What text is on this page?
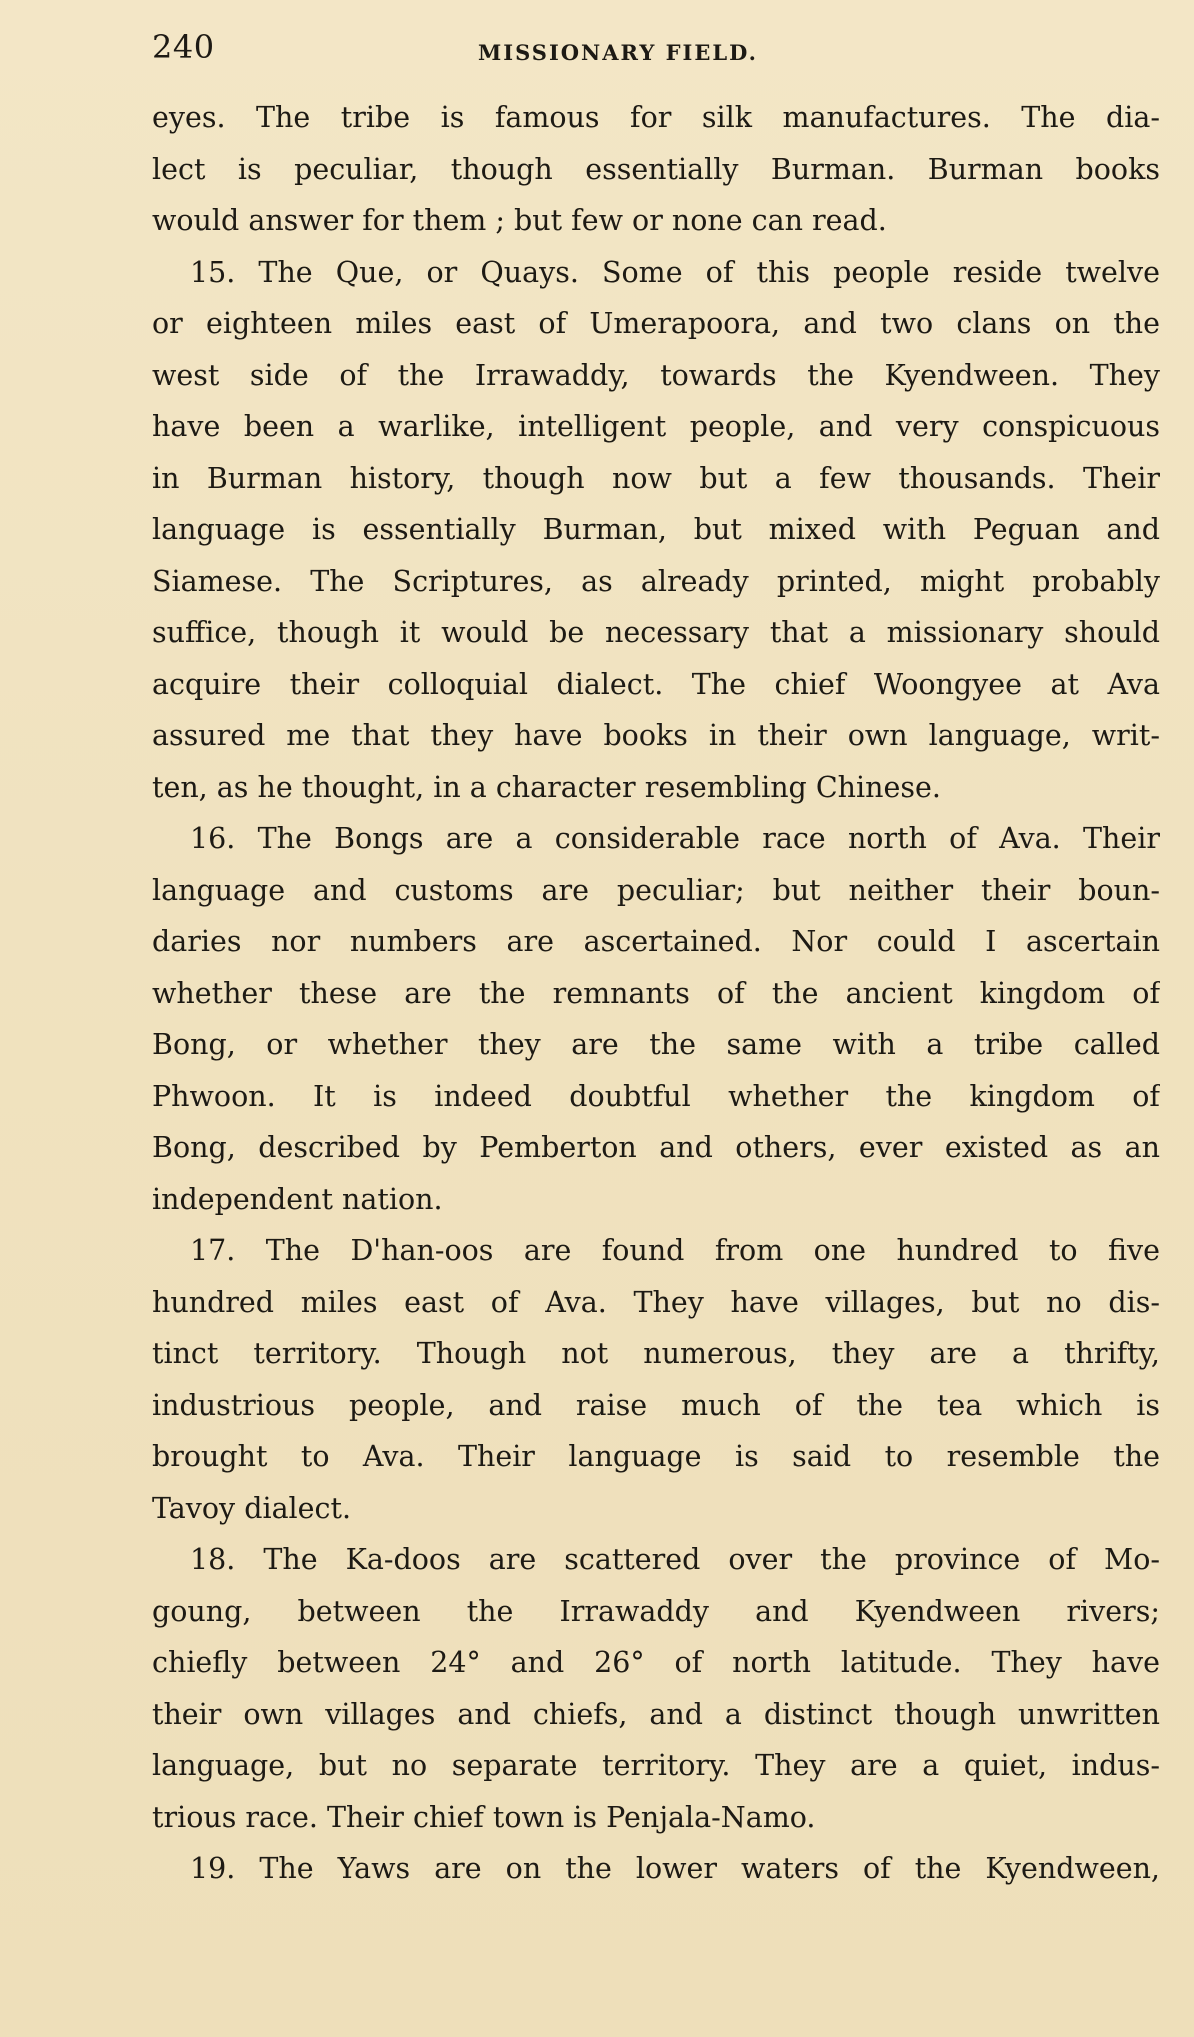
240	MISSIONARY FIELD.
eyes. The tribe is famous for silk manufactures. The dia-
lect is peculiar, though essentially Burman. Burman books
would answer for them ; but few or none can read.
15. The Que, or Quays. Some of this people reside twelve
or eighteen miles east of Umerapoora, and two clans on the
west side of the Irrawaddy, towards the Kyendween. They
have been a warlike, intelligent people, and very conspicuous
in Burman history, though now but a few thousands. Their
language is essentially Burman, but mixed with Peguan and
Siamese. The Scriptures, as already printed, might probably
suffice, though it would be necessary that a missionary should
acquire their colloquial dialect. The chief Woongyee at Ava
assured me that they have books in their own language, writ-
ten, as he thought, in a character resembling Chinese.
16. The Bongs are a considerable race north of Ava. Their
language and customs are peculiar; but neither their boun-
daries nor numbers are ascertained. Nor could I ascertain
whether these are the remnants of the ancient kingdom of
Bong, or whether they are the same with a tribe called
Phwoon. It is indeed doubtful whether the kingdom of
Bong, described by Pemberton and others, ever existed as an
independent nation.
17. The D'han-oos are found from one hundred to five
hundred miles east of Ava. They have villages, but no dis-
tinct territory. Though not numerous, they are a thrifty,
industrious people, and raise much of the tea which is
brought to Ava. Their language is said to resemble the
Tavoy dialect.
18. The Ka-doos are scattered over the province of Mo-
goung, between the Irrawaddy and Kyendween rivers;
chiefly between 24° and 26° of north latitude. They have
their own villages and chiefs, and a distinct though unwritten
language, but no separate territory. They are a quiet, indus-
trious race. Their chief town is Penjala-Namo.
19. The Yaws are on the lower waters of the Kyendween,
